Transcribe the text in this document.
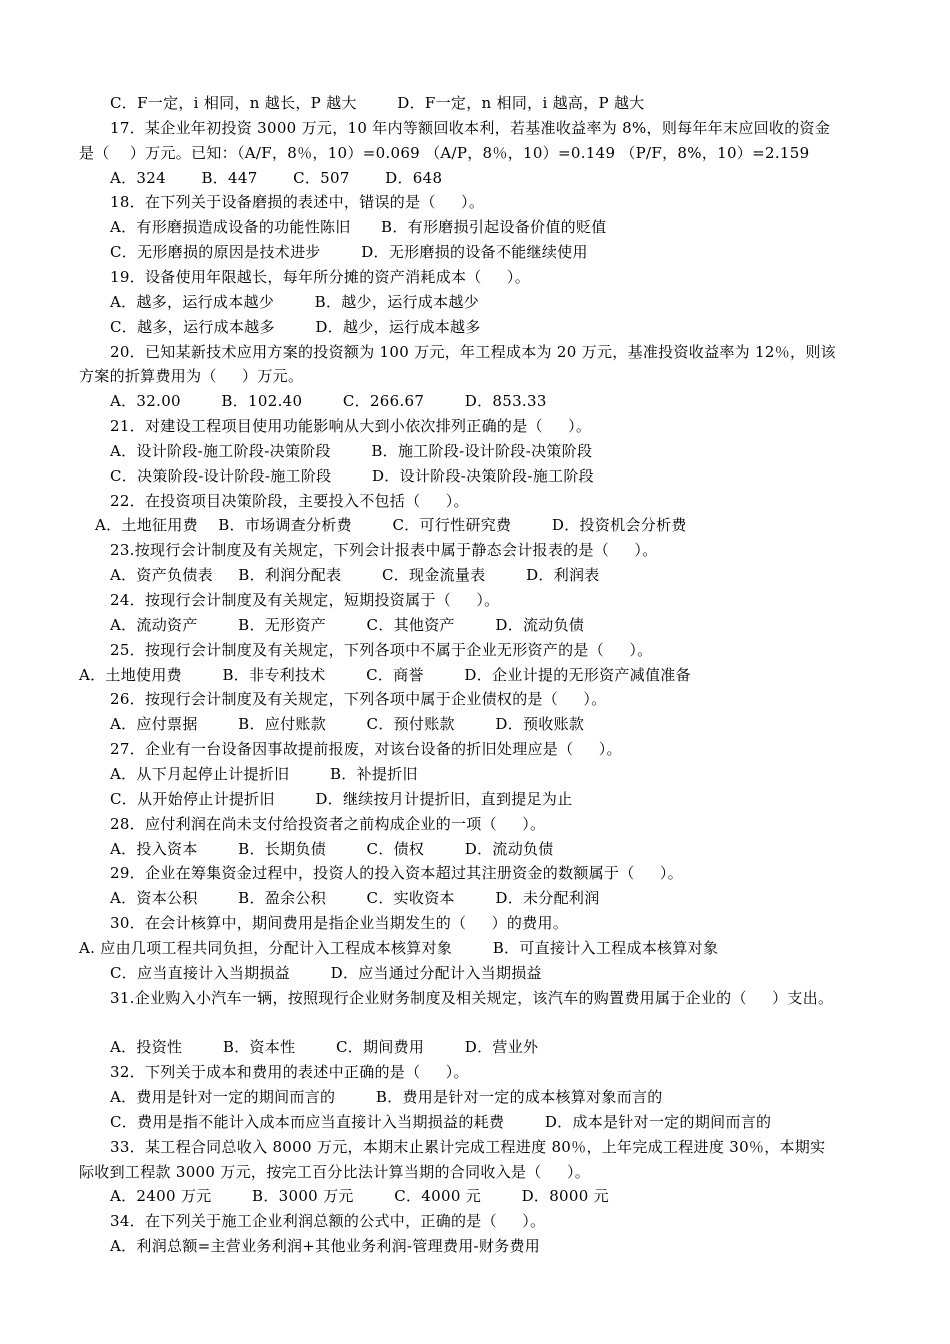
C．F一定，i 相同，n 越长，P 越大        D．F一定，n 相同，i 越高，P 越大
17．某企业年初投资 3000 万元，10 年内等额回收本利，若基准收益率为 8%，则每年年末应回收的资金
是（    ）万元。已知：（A/F，8％，10）=0.069 （A/P，8％，10）=0.149 （P/F，8%，10）=2.159
A．324       B．447       C．507       D．648
18．在下列关于设备磨损的表述中，错误的是（     ）。
A．有形磨损造成设备的功能性陈旧      B．有形磨损引起设备价值的贬值
C．无形磨损的原因是技术进步        D．无形磨损的设备不能继续使用
19．设备使用年限越长，每年所分摊的资产消耗成本（     ）。
A．越多，运行成本越少        B．越少，运行成本越少
C．越多，运行成本越多        D．越少，运行成本越多
20．已知某新技术应用方案的投资额为 100 万元，年工程成本为 20 万元，基准投资收益率为 12％，则该
方案的折算费用为（     ）万元。
A．32.00        B．102.40        C．266.67        D．853.33
21．对建设工程项目使用功能影响从大到小依次排列正确的是（     ）。
A．设计阶段-施工阶段-决策阶段        B．施工阶段-设计阶段-决策阶段
C．决策阶段-设计阶段-施工阶段        D．设计阶段-决策阶段-施工阶段
22．在投资项目决策阶段，主要投入不包括（     ）。
A．土地征用费    B．市场调查分析费        C．可行性研究费        D．投资机会分析费
23.按现行会计制度及有关规定，下列会计报表中属于静态会计报表的是（     ）。
A．资产负债表     B．利润分配表        C．现金流量表        D．利润表
24．按现行会计制度及有关规定，短期投资属于（     ）。
A．流动资产        B．无形资产        C．其他资产        D．流动负债
25．按现行会计制度及有关规定，下列各项中不属于企业无形资产的是（     ）。
A．土地使用费        B．非专利技术        C．商誉        D．企业计提的无形资产减值准备
26．按现行会计制度及有关规定，下列各项中属于企业债权的是（     ）。
A．应付票据        B．应付账款        C．预付账款        D．预收账款
27．企业有一台设备因事故提前报废，对该台设备的折旧处理应是（     ）。
A．从下月起停止计提折旧        B．补提折旧
C．从开始停止计提折旧        D．继续按月计提折旧，直到提足为止
28．应付利润在尚未支付给投资者之前构成企业的一项（     ）。
A．投入资本        B．长期负债        C．债权        D．流动负债
29．企业在筹集资金过程中，投资人的投入资本超过其注册资金的数额属于（     ）。
A．资本公积        B．盈余公积        C．实收资本        D．未分配利润
30．在会计核算中，期间费用是指企业当期发生的（     ）的费用。
A. 应由几项工程共同负担，分配计入工程成本核算对象        B．可直接计入工程成本核算对象
C．应当直接计入当期损益        D．应当通过分配计入当期损益
31.企业购入小汽车一辆，按照现行企业财务制度及相关规定，该汽车的购置费用属于企业的（     ）支出。
A．投资性        B．资本性        C．期间费用        D．营业外
32．下列关于成本和费用的表述中正确的是（     ）。
A．费用是针对一定的期间而言的        B．费用是针对一定的成本核算对象而言的
C．费用是指不能计入成本而应当直接计入当期损益的耗费        D．成本是针对一定的期间而言的
33．某工程合同总收入 8000 万元，本期末止累计完成工程进度 80％，上年完成工程进度 30％，本期实
际收到工程款 3000 万元，按完工百分比法计算当期的合同收入是（     ）。
A．2400 万元        B．3000 万元        C．4000 元        D．8000 元
34．在下列关于施工企业利润总额的公式中，正确的是（     ）。
A．利润总额=主营业务利润+其他业务利润-管理费用-财务费用
